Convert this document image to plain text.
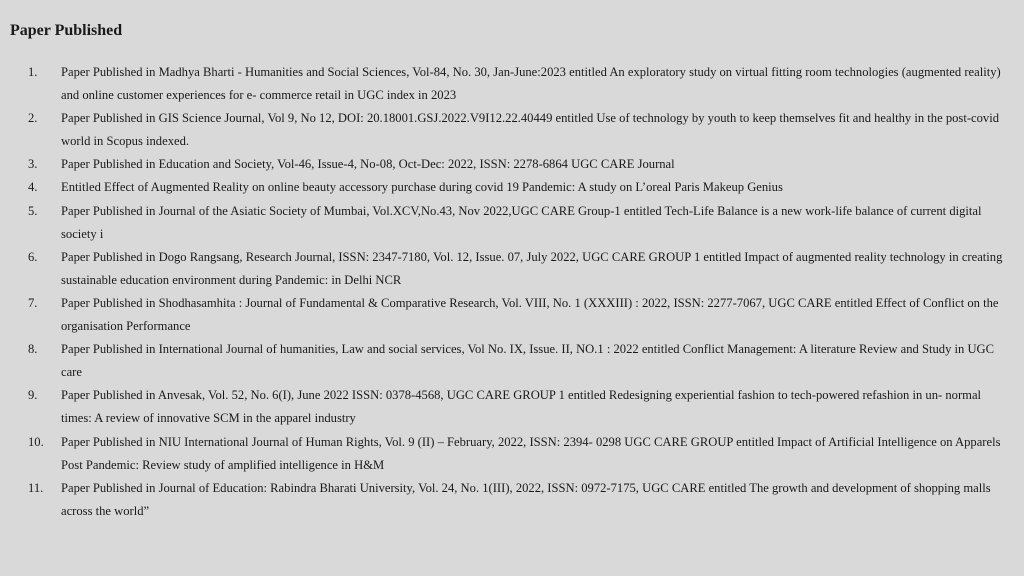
Paper Published
1. Paper Published in Madhya Bharti - Humanities and Social Sciences, Vol-84, No. 30, Jan-June:2023 entitled An exploratory study on virtual fitting room technologies (augmented reality) and online customer experiences for e- commerce retail in UGC index in 2023
2. Paper Published in GIS Science Journal, Vol 9, No 12, DOI: 20.18001.GSJ.2022.V9I12.22.40449 entitled Use of technology by youth to keep themselves fit and healthy in the post-covid world in Scopus indexed.
3. Paper Published in Education and Society, Vol-46, Issue-4, No-08, Oct-Dec: 2022, ISSN: 2278-6864 UGC CARE Journal
4. Entitled Effect of Augmented Reality on online beauty accessory purchase during covid 19 Pandemic: A study on L’oreal Paris Makeup Genius
5. Paper Published in Journal of the Asiatic Society of Mumbai, Vol.XCV,No.43, Nov 2022,UGC CARE Group-1 entitled Tech-Life Balance is a new work-life balance of current digital society i
6. Paper Published in Dogo Rangsang, Research Journal, ISSN: 2347-7180, Vol. 12, Issue. 07, July 2022, UGC CARE GROUP 1 entitled Impact of augmented reality technology in creating sustainable education environment during Pandemic: in Delhi NCR
7. Paper Published in Shodhasamhita : Journal of Fundamental & Comparative Research, Vol. VIII, No. 1 (XXXIII) : 2022, ISSN: 2277-7067, UGC CARE entitled Effect of Conflict on the organisation Performance
8. Paper Published in International Journal of humanities, Law and social services, Vol No. IX, Issue. II, NO.1 : 2022 entitled Conflict Management: A literature Review and Study in UGC care
9. Paper Published in Anvesak, Vol. 52, No. 6(I), June 2022 ISSN: 0378-4568, UGC CARE GROUP 1 entitled Redesigning experiential fashion to tech-powered refashion in un- normal times: A review of innovative SCM in the apparel industry
10. Paper Published in NIU International Journal of Human Rights, Vol. 9 (II) – February, 2022, ISSN: 2394- 0298 UGC CARE GROUP entitled Impact of Artificial Intelligence on Apparels Post Pandemic: Review study of amplified intelligence in H&M
11. Paper Published in Journal of Education: Rabindra Bharati University, Vol. 24, No. 1(III), 2022, ISSN: 0972-7175, UGC CARE entitled The growth and development of shopping malls across the world”
